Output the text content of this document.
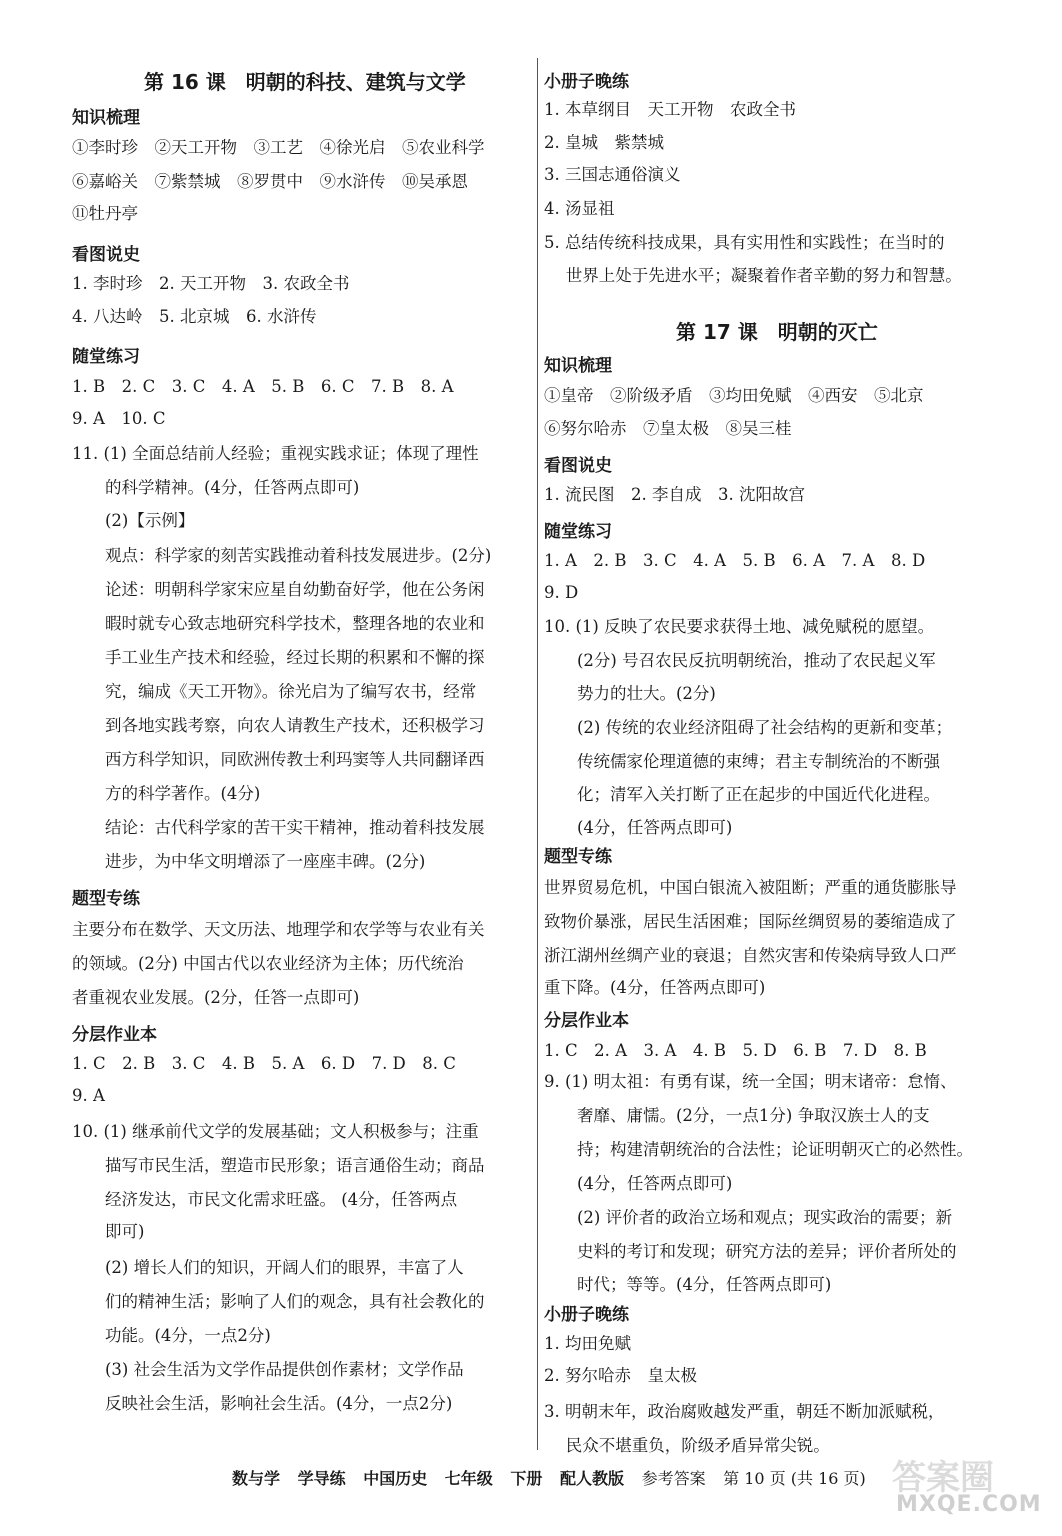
第 16 课　明朝的科技、建筑与文学
知识梳理
①李时珍　②天工开物　③工艺　④徐光启　⑤农业科学
⑥嘉峪关　⑦紫禁城　⑧罗贯中　⑨水浒传　⑩吴承恩
⑪牡丹亭
看图说史
1. 李时珍　2. 天工开物　3. 农政全书
4. 八达岭　5. 北京城　6. 水浒传
随堂练习
1. B　2. C　3. C　4. A　5. B　6. C　7. B　8. A
9. A　10. C
11. (1) 全面总结前人经验；重视实践求证；体现了理性
　　的科学精神。(4分，任答两点即可)
　　(2)【示例】
　　观点：科学家的刻苦实践推动着科技发展进步。(2分)
　　论述：明朝科学家宋应星自幼勤奋好学，他在公务闲
　　暇时就专心致志地研究科学技术，整理各地的农业和
　　手工业生产技术和经验，经过长期的积累和不懈的探
　　究，编成《天工开物》。徐光启为了编写农书，经常
　　到各地实践考察，向农人请教生产技术，还积极学习
　　西方科学知识，同欧洲传教士利玛窦等人共同翻译西
　　方的科学著作。(4分)
　　结论：古代科学家的苦干实干精神，推动着科技发展
　　进步，为中华文明增添了一座座丰碑。(2分)
题型专练
主要分布在数学、天文历法、地理学和农学等与农业有关
的领域。(2分) 中国古代以农业经济为主体；历代统治
者重视农业发展。(2分，任答一点即可)
分层作业本
1. C　2. B　3. C　4. B　5. A　6. D　7. D　8. C
9. A
10. (1) 继承前代文学的发展基础；文人积极参与；注重
　　描写市民生活，塑造市民形象；语言通俗生动；商品
　　经济发达，市民文化需求旺盛。 (4分，任答两点
　　即可)
　　(2) 增长人们的知识，开阔人们的眼界，丰富了人
　　们的精神生活；影响了人们的观念，具有社会教化的
　　功能。(4分，一点2分)
　　(3) 社会生活为文学作品提供创作素材；文学作品
　　反映社会生活，影响社会生活。(4分，一点2分)
小册子晚练
1. 本草纲目　天工开物　农政全书
2. 皇城　紫禁城
3. 三国志通俗演义
4. 汤显祖
5. 总结传统科技成果，具有实用性和实践性；在当时的
　 世界上处于先进水平；凝聚着作者辛勤的努力和智慧。
第 17 课　明朝的灭亡
知识梳理
①皇帝　②阶级矛盾　③均田免赋　④西安　⑤北京
⑥努尔哈赤　⑦皇太极　⑧吴三桂
看图说史
1. 流民图　2. 李自成　3. 沈阳故宫
随堂练习
1. A　2. B　3. C　4. A　5. B　6. A　7. A　8. D
9. D
10. (1) 反映了农民要求获得土地、减免赋税的愿望。
　　(2分) 号召农民反抗明朝统治，推动了农民起义军
　　势力的壮大。(2分)
　　(2) 传统的农业经济阻碍了社会结构的更新和变革；
　　传统儒家伦理道德的束缚；君主专制统治的不断强
　　化；清军入关打断了正在起步的中国近代化进程。
　　(4分，任答两点即可)
题型专练
世界贸易危机，中国白银流入被阻断；严重的通货膨胀导
致物价暴涨，居民生活困难；国际丝绸贸易的萎缩造成了
浙江湖州丝绸产业的衰退；自然灾害和传染病导致人口严
重下降。(4分，任答两点即可)
分层作业本
1. C　2. A　3. A　4. B　5. D　6. B　7. D　8. B
9. (1) 明太祖：有勇有谋，统一全国；明末诸帝：怠惰、
　　奢靡、庸懦。(2分，一点1分) 争取汉族士人的支
　　持；构建清朝统治的合法性；论证明朝灭亡的必然性。
　　(4分，任答两点即可)
　　(2) 评价者的政治立场和观点；现实政治的需要；新
　　史料的考订和发现；研究方法的差异；评价者所处的
　　时代；等等。(4分，任答两点即可)
小册子晚练
1. 均田免赋
2. 努尔哈赤　皇太极
3. 明朝末年，政治腐败越发严重，朝廷不断加派赋税，
　 民众不堪重负，阶级矛盾异常尖锐。
数与学 学导练 中国历史 七年级 下册 配人教版 参考答案 第 10 页 (共 16 页) 答案圈
MXQE.COM
